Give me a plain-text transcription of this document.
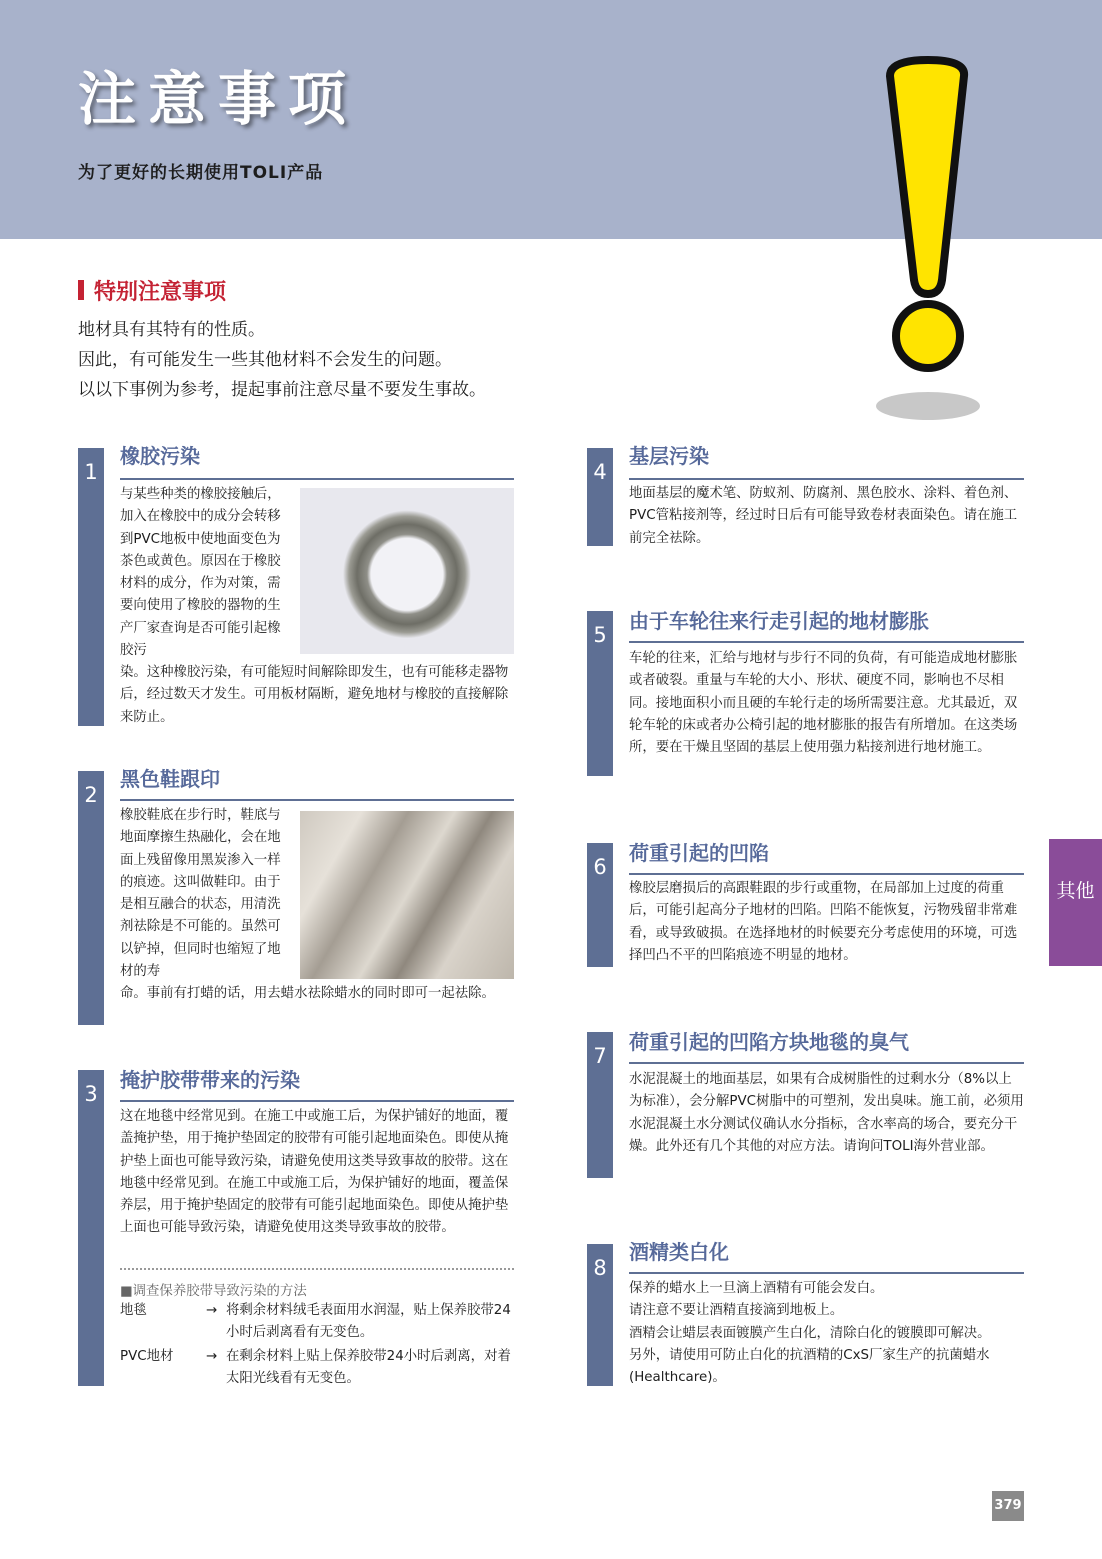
注意事项

为了更好的长期使用TOLI产品

特别注意事项
地材具有其特有的性质。
因此，有可能发生一些其他材料不会发生的问题。
以以下事例为参考，提起事前注意尽量不要发生事故。
1
橡胶污染
与某些种类的橡胶接触后，加入在橡胶中的成分会转移到PVC地板中使地面变色为茶色或黄色。原因在于橡胶材料的成分，作为对策，需要向使用了橡胶的器物的生产厂家查询是否可能引起橡胶污
染。这种橡胶污染，有可能短时间解除即发生，也有可能移走器物后，经过数天才发生。可用板材隔断，避免地材与橡胶的直接解除来防止。
2
黑色鞋跟印
橡胶鞋底在步行时，鞋底与地面摩擦生热融化，会在地面上残留像用黑炭渗入一样的痕迹。这叫做鞋印。由于是相互融合的状态，用清洗剂祛除是不可能的。虽然可以铲掉，但同时也缩短了地材的寿
命。事前有打蜡的话，用去蜡水祛除蜡水的同时即可一起祛除。
3
掩护胶带带来的污染
这在地毯中经常见到。在施工中或施工后，为保护铺好的地面，覆盖掩护垫，用于掩护垫固定的胶带有可能引起地面染色。即使从掩护垫上面也可能导致污染，请避免使用这类导致事故的胶带。这在地毯中经常见到。在施工中或施工后，为保护铺好的地面，覆盖保养层，用于掩护垫固定的胶带有可能引起地面染色。即使从掩护垫上面也可能导致污染，请避免使用这类导致事故的胶带。
■调查保养胶带导致污染的方法
地毯	→ 将剩余材料绒毛表面用水润湿，贴上保养胶带24小时后剥离看有无变色。
PVC地材 → 在剩余材料上贴上保养胶带24小时后剥离，对着太阳光线看有无变色。
4
基层污染
地面基层的魔术笔、防蚁剂、防腐剂、黑色胶水、涂料、着色剂、PVC管粘接剂等，经过时日后有可能导致卷材表面染色。请在施工前完全祛除。
5
由于车轮往来行走引起的地材膨胀
车轮的往来，汇给与地材与步行不同的负荷，有可能造成地材膨胀或者破裂。重量与车轮的大小、形状、硬度不同，影响也不尽相同。接地面积小而且硬的车轮行走的场所需要注意。尤其最近，双轮车轮的床或者办公椅引起的地材膨胀的报告有所增加。在这类场所，要在干燥且坚固的基层上使用强力粘接剂进行地材施工。
6
荷重引起的凹陷
橡胶层磨损后的高跟鞋跟的步行或重物，在局部加上过度的荷重后，可能引起高分子地材的凹陷。凹陷不能恢复，污物残留非常难看，或导致破损。在选择地材的时候要充分考虑使用的环境，可选择凹凸不平的凹陷痕迹不明显的地材。
7
荷重引起的凹陷方块地毯的臭气
水泥混凝土的地面基层，如果有合成树脂性的过剩水分（8%以上为标准），会分解PVC树脂中的可塑剂，发出臭味。施工前，必须用水泥混凝土水分测试仪确认水分指标，含水率高的场合，要充分干燥。此外还有几个其他的对应方法。请询问TOLI海外营业部。
8
酒精类白化
保养的蜡水上一旦滴上酒精有可能会发白。
请注意不要让酒精直接滴到地板上。
酒精会让蜡层表面镀膜产生白化，清除白化的镀膜即可解决。
另外，请使用可防止白化的抗酒精的CxS厂家生产的抗菌蜡水(Healthcare)。
其他
379
